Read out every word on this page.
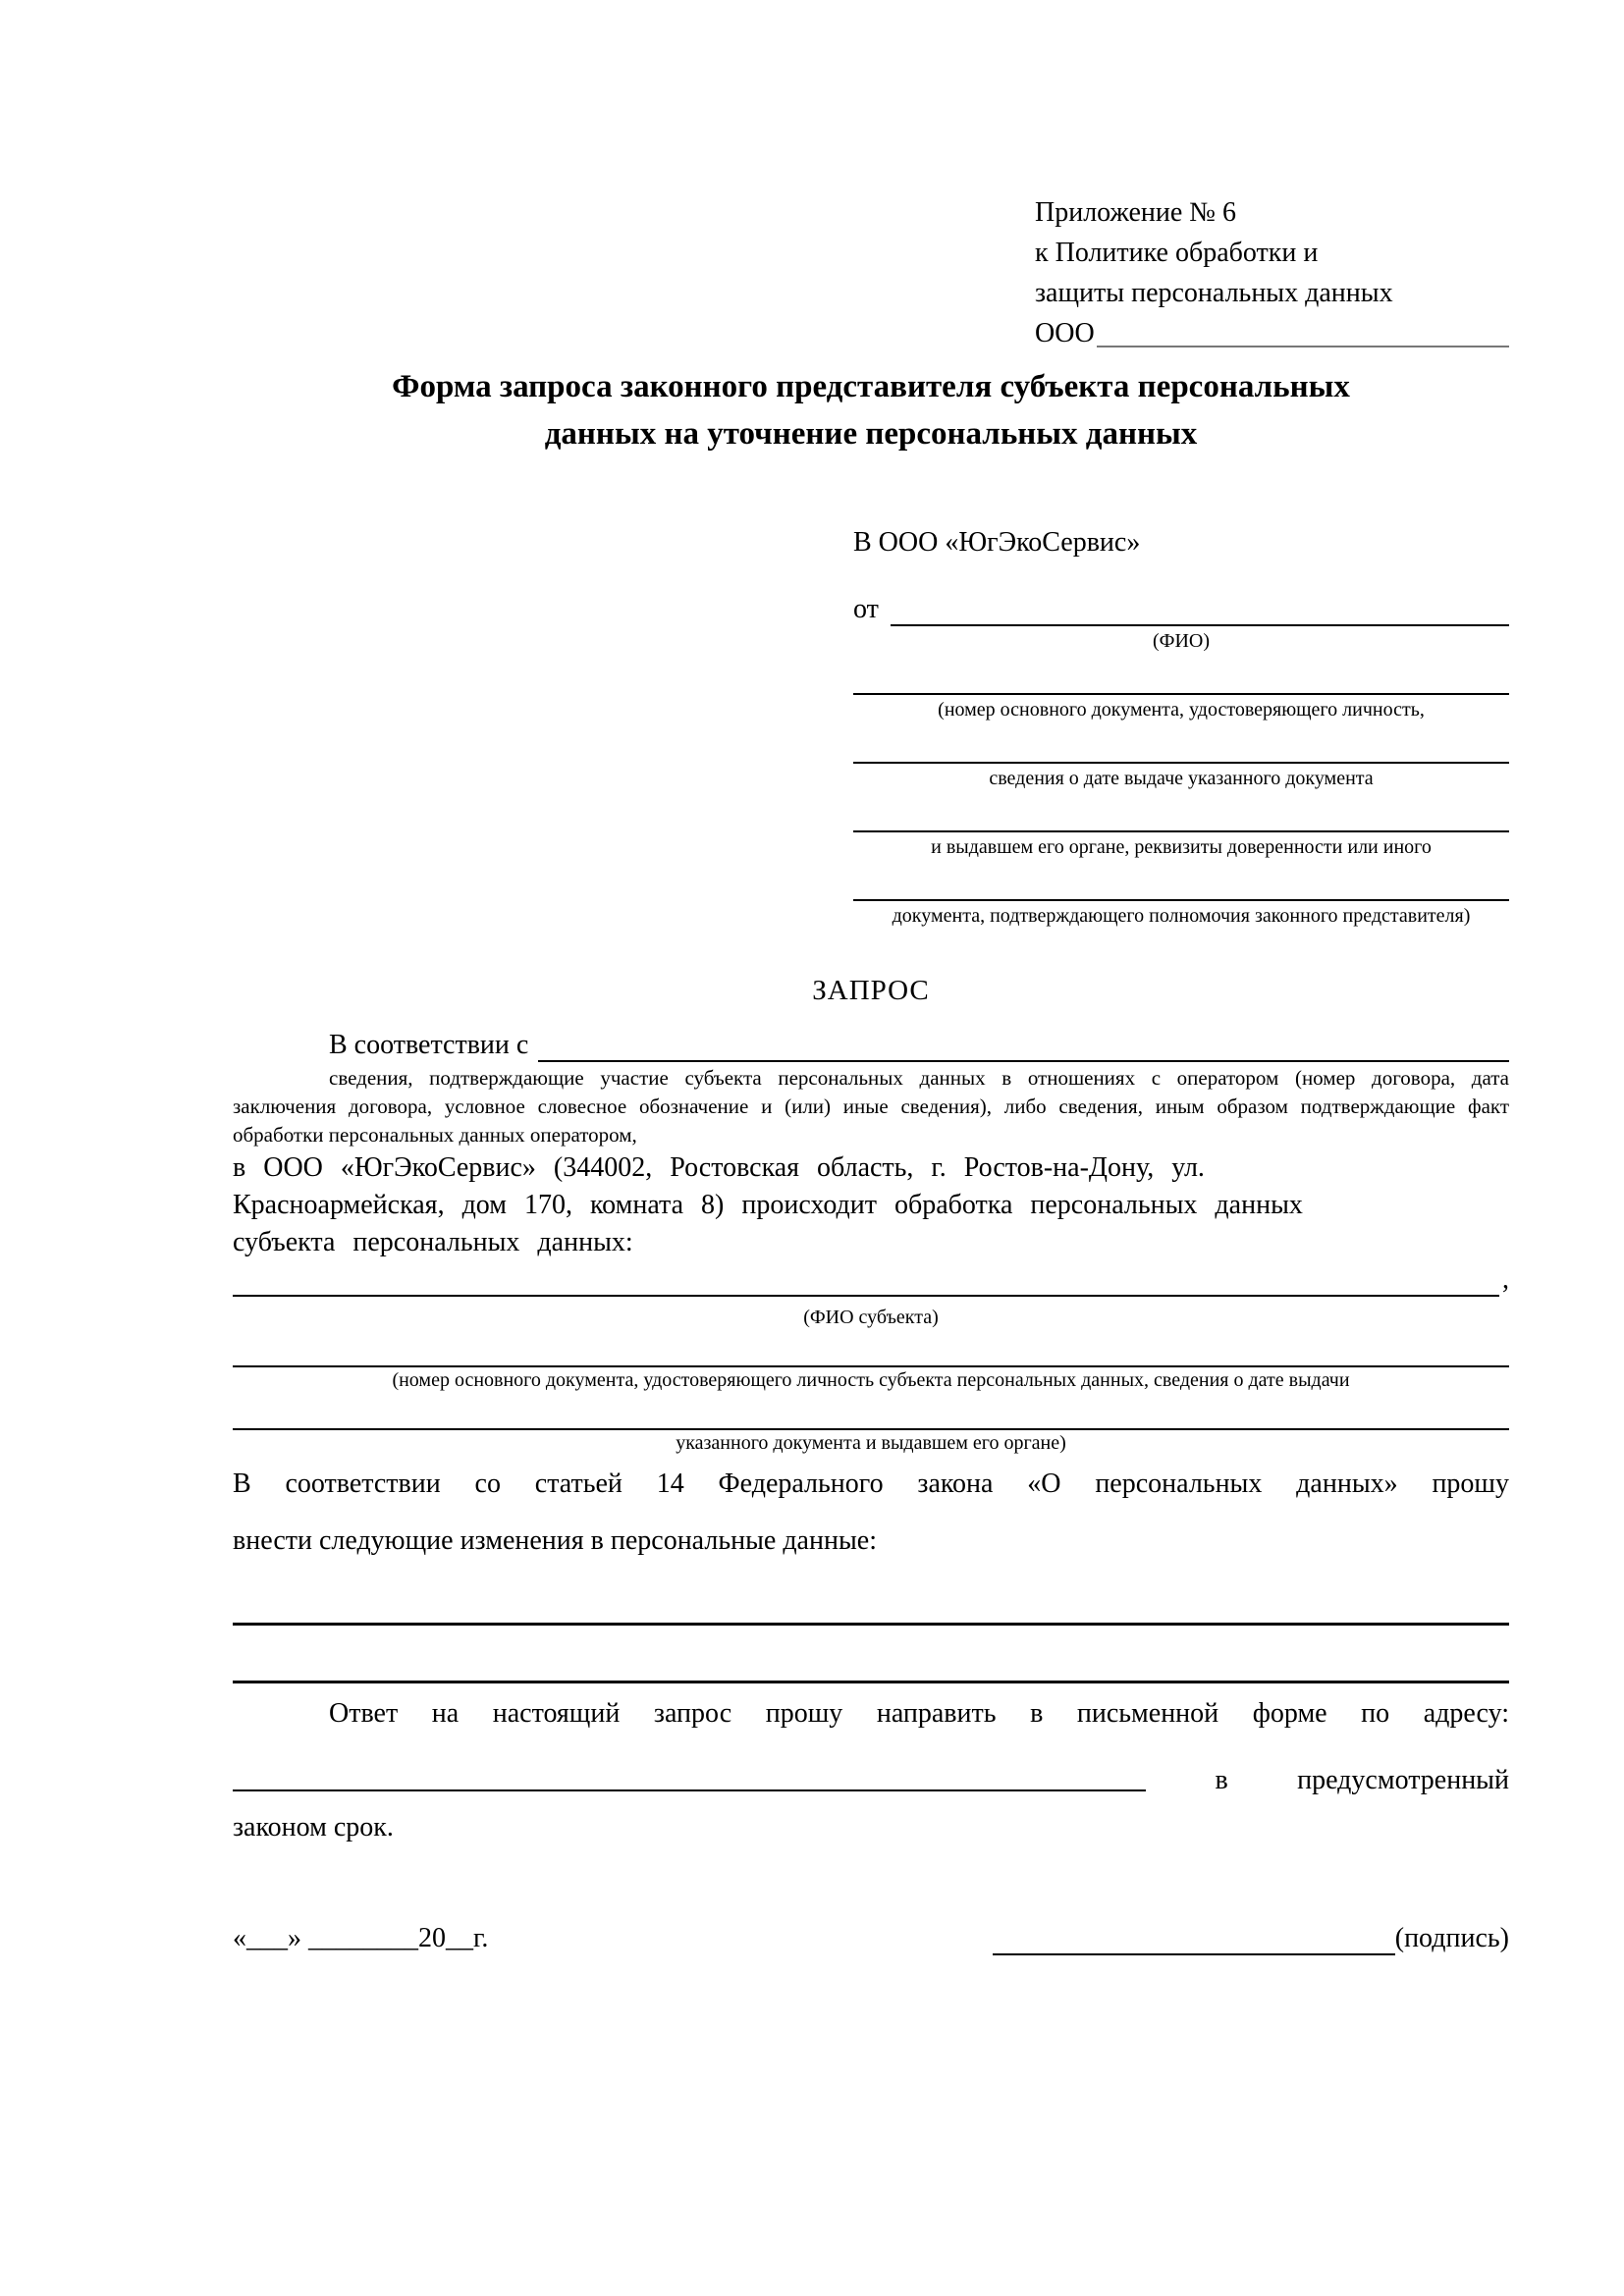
Приложение № 6
к Политике обработки и
защиты персональных данных
ООО
Форма запроса законного представителя субъекта персональных
данных на уточнение персональных данных
В ООО «ЮгЭкоСервис»
от
(ФИО)
(номер основного документа, удостоверяющего личность,
сведения о дате выдаче указанного документа
и выдавшем его органе, реквизиты доверенности или иного
документа, подтверждающего полномочия законного представителя)
ЗАПРОС
В соответствии с
сведения, подтверждающие участие субъекта персональных данных в отношениях с оператором (номер договора, дата
заключения договора, условное словесное обозначение и (или) иные сведения), либо сведения, иным образом подтверждающие факт
обработки персональных данных оператором,
в ООО «ЮгЭкоСервис» (344002, Ростовская область, г. Ростов-на-Дону, ул.
Красноармейская, дом 170, комната 8) происходит обработка персональных данных
субъекта персональных данных:
,
(ФИО субъекта)
(номер основного документа, удостоверяющего личность субъекта персональных данных, сведения о дате выдачи
указанного документа и выдавшем его органе)
В соответствии со статьей 14 Федерального закона «О персональных данных» прошу
внести следующие изменения в персональные данные:
Ответ на настоящий запрос прошу направить в письменной форме по адресу:
в	предусмотренный
законом срок.
«___» ________20__г.	(подпись)
